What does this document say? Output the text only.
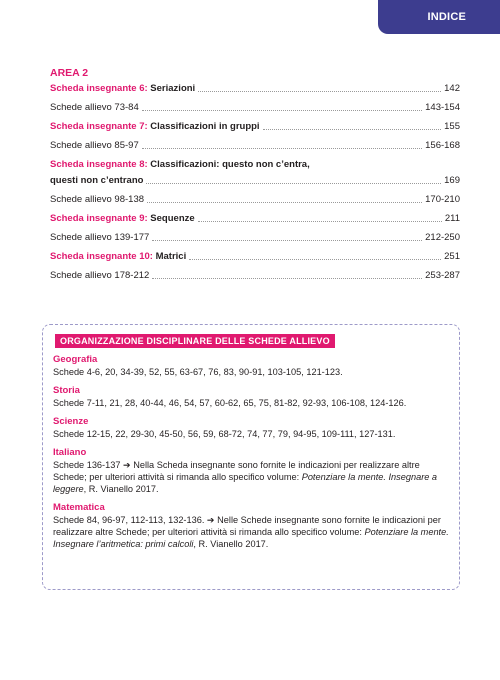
INDICE
AREA 2
Scheda insegnante 6: Seriazioni	142
Schede allievo 73-84	143-154
Scheda insegnante 7: Classificazioni in gruppi	155
Schede allievo 85-97	156-168
Scheda insegnante 8: Classificazioni: questo non c’entra,
questi non c’entrano	169
Schede allievo 98-138	170-210
Scheda insegnante 9: Sequenze	211
Schede allievo 139-177	212-250
Scheda insegnante 10: Matrici	251
Schede allievo 178-212	253-287
ORGANIZZAZIONE DISCIPLINARE DELLE SCHEDE ALLIEVO
Geografia
Schede 4-6, 20, 34-39, 52, 55, 63-67, 76, 83, 90-91, 103-105, 121-123.
Storia
Schede 7-11, 21, 28, 40-44, 46, 54, 57, 60-62, 65, 75, 81-82, 92-93, 106-108, 124-126.
Scienze
Schede 12-15, 22, 29-30, 45-50, 56, 59, 68-72, 74, 77, 79, 94-95, 109-111, 127-131.
Italiano
Schede 136-137 ➔ Nella Scheda insegnante sono fornite le indicazioni per realizzare altre Schede; per ulteriori attività si rimanda allo specifico volume: Potenziare la mente. Insegnare a leggere, R. Vianello 2017.
Matematica
Schede 84, 96-97, 112-113, 132-136. ➔ Nelle Schede insegnante sono fornite le indicazioni per realizzare altre Schede; per ulteriori attività si rimanda allo specifico volume: Potenziare la mente. Insegnare l’aritmetica: primi calcoli, R. Vianello 2017.
